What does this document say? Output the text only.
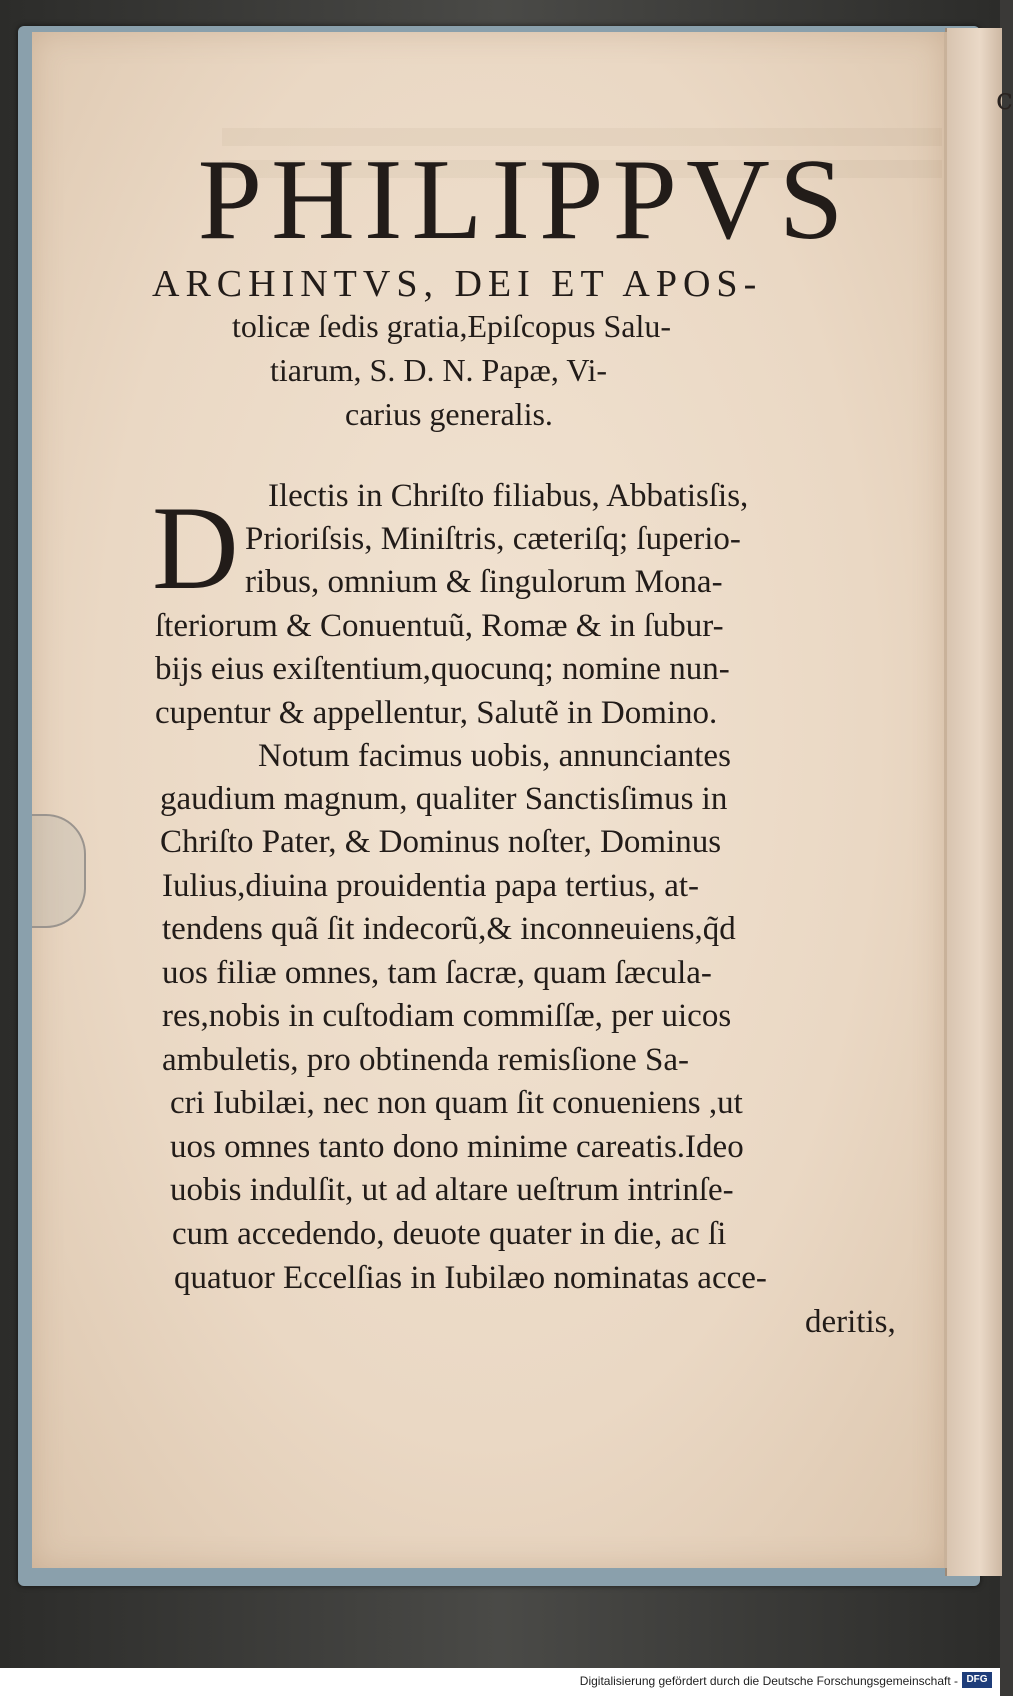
c
PHILIPPVS
ARCHINTVS, DEI ET APOS-
tolicæ ſedis gratia,Epiſcopus Salu-
tiarum, S. D. N. Papæ, Vi-
carius generalis.
D Ilectis in Chriſto filiabus, Abbatisſis,
Prioriſsis, Miniſtris, cæteriſq; ſuperio-
ribus, omnium & ſingulorum Mona-
ſteriorum & Conuentuũ, Romæ & in ſubur-
bijs eius exiſtentium,quocunq; nomine nun-
cupentur & appellentur, Salutẽ in Domino.
Notum facimus uobis, annunciantes
gaudium magnum, qualiter Sanctisſimus in
Chriſto Pater, & Dominus noſter, Dominus
Iulius,diuina prouidentia papa tertius, at-
tendens quã ſit indecorũ,& inconneuiens,q̃d
uos filiæ omnes, tam ſacræ, quam ſæcula-
res,nobis in cuſtodiam commiſſæ, per uicos
ambuletis, pro obtinenda remisſione Sa-
cri Iubilæi, nec non quam ſit conueniens ,ut
uos omnes tanto dono minime careatis.Ideo
uobis indulſit, ut ad altare ueſtrum intrinſe-
cum accedendo, deuote quater in die, ac ſi
quatuor Eccelſias in Iubilæo nominatas acce-
deritis,
Digitalisierung gefördert durch die Deutsche Forschungsgemeinschaft - DFG
